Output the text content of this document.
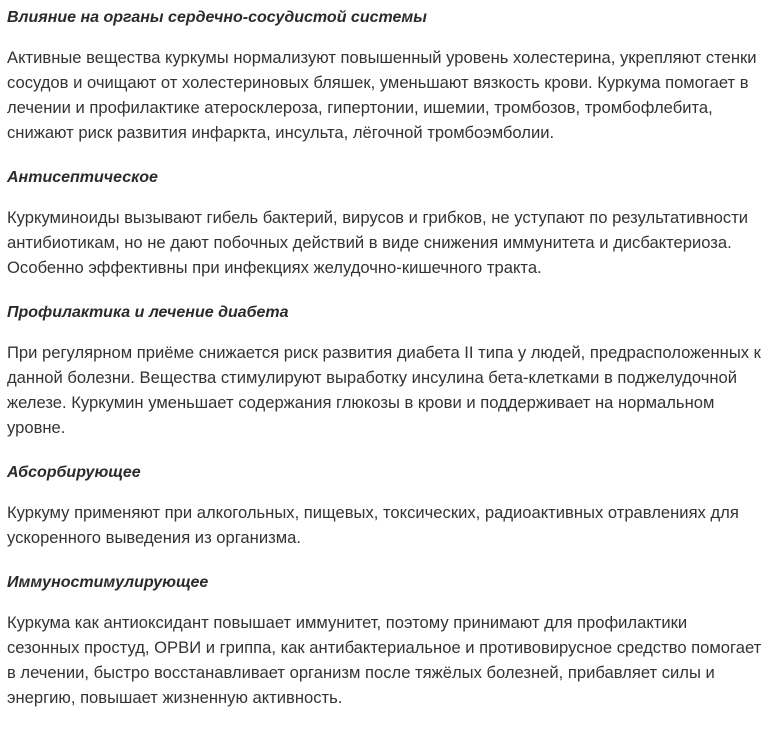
Влияние на органы сердечно-сосудистой системы

Активные вещества куркумы нормализуют повышенный уровень холестерина, укрепляют стенки сосудов и очищают от холестериновых бляшек, уменьшают вязкость крови. Куркума помогает в лечении и профилактике атеросклероза, гипертонии, ишемии, тромбозов, тромбофлебита, снижают риск развития инфаркта, инсульта, лёгочной тромбоэмболии.

Антисептическое

Куркуминоиды вызывают гибель бактерий, вирусов и грибков, не уступают по результативности антибиотикам, но не дают побочных действий в виде снижения иммунитета и дисбактериоза. Особенно эффективны при инфекциях желудочно-кишечного тракта.

Профилактика и лечение диабета

При регулярном приёме снижается риск развития диабета II типа у людей, предрасположенных к данной болезни. Вещества стимулируют выработку инсулина бета-клетками в поджелудочной железе. Куркумин уменьшает содержания глюкозы в крови и поддерживает на нормальном уровне.

Абсорбирующее

Куркуму применяют при алкогольных, пищевых, токсических, радиоактивных отравлениях для ускоренного выведения из организма.

Иммуностимулирующее

Куркума как антиоксидант повышает иммунитет, поэтому принимают для профилактики сезонных простуд, ОРВИ и гриппа, как антибактериальное и противовирусное средство помогает в лечении, быстро восстанавливает организм после тяжёлых болезней, прибавляет силы и энергию, повышает жизненную активность.
